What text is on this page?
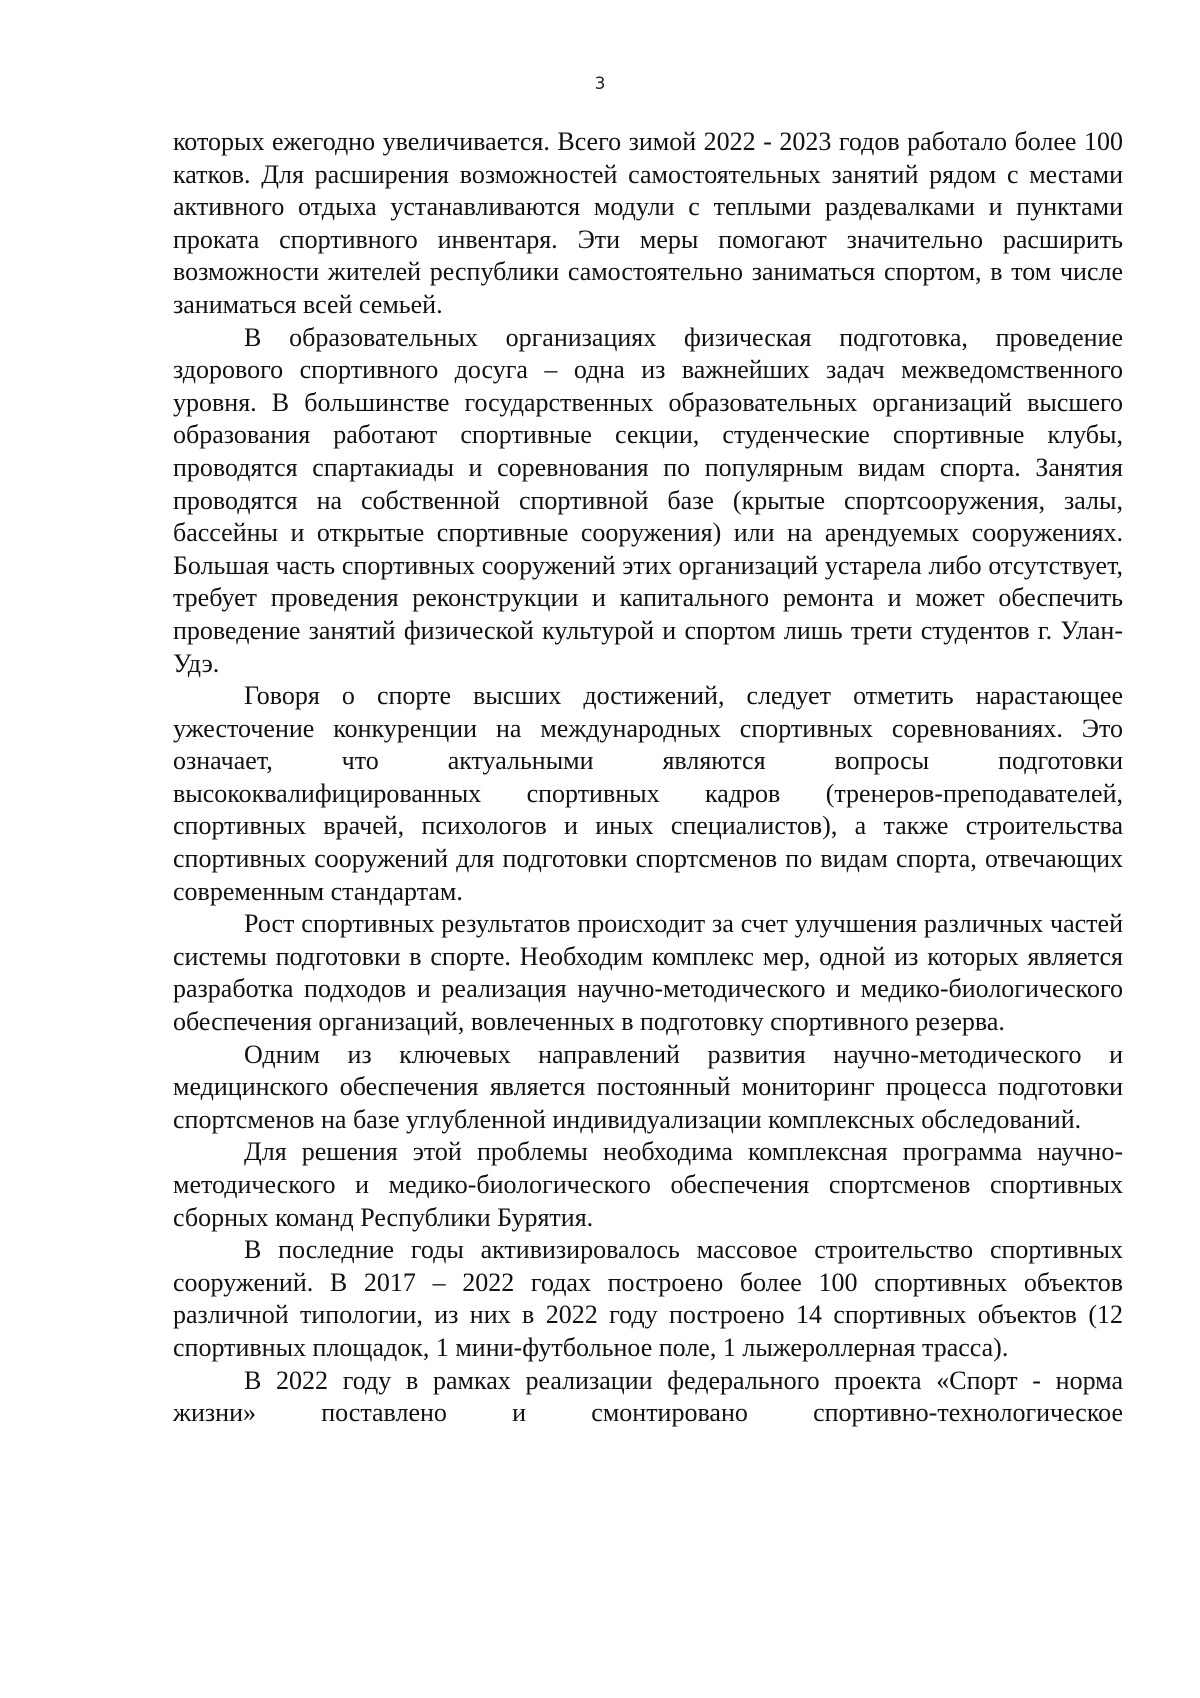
3

которых ежегодно увеличивается. Всего зимой 2022 - 2023 годов работало более 100 катков. Для расширения возможностей самостоятельных занятий рядом с местами активного отдыха устанавливаются модули с теплыми раздевалками и пунктами проката спортивного инвентаря. Эти меры помогают значительно расширить возможности жителей республики самостоятельно заниматься спортом, в том числе заниматься всей семьей.

В образовательных организациях физическая подготовка, проведение здорового спортивного досуга – одна из важнейших задач межведомственного уровня. В большинстве государственных образовательных организаций высшего образования работают спортивные секции, студенческие спортивные клубы, проводятся спартакиады и соревнования по популярным видам спорта. Занятия проводятся на собственной спортивной базе (крытые спортсооружения, залы, бассейны и открытые спортивные сооружения) или на арендуемых сооружениях. Большая часть спортивных сооружений этих организаций устарела либо отсутствует, требует проведения реконструкции и капитального ремонта и может обеспечить проведение занятий физической культурой и спортом лишь трети студентов г. Улан-Удэ.

Говоря о спорте высших достижений, следует отметить нарастающее ужесточение конкуренции на международных спортивных соревнованиях. Это означает, что актуальными являются вопросы подготовки высококвалифицированных спортивных кадров (тренеров-преподавателей, спортивных врачей, психологов и иных специалистов), а также строительства спортивных сооружений для подготовки спортсменов по видам спорта, отвечающих современным стандартам.

Рост спортивных результатов происходит за счет улучшения различных частей системы подготовки в спорте. Необходим комплекс мер, одной из которых является разработка подходов и реализация научно-методического и медико-биологического обеспечения организаций, вовлеченных в подготовку спортивного резерва.

Одним из ключевых направлений развития научно-методического и медицинского обеспечения является постоянный мониторинг процесса подготовки спортсменов на базе углубленной индивидуализации комплексных обследований.

Для решения этой проблемы необходима комплексная программа научно-методического и медико-биологического обеспечения спортсменов спортивных сборных команд Республики Бурятия.

В последние годы активизировалось массовое строительство спортивных сооружений. В 2017 – 2022 годах построено более 100 спортивных объектов различной типологии, из них в 2022 году построено 14 спортивных объектов (12 спортивных площадок, 1 мини-футбольное поле, 1 лыжероллерная трасса).

В 2022 году в рамках реализации федерального проекта «Спорт - норма жизни» поставлено и смонтировано спортивно-технологическое
